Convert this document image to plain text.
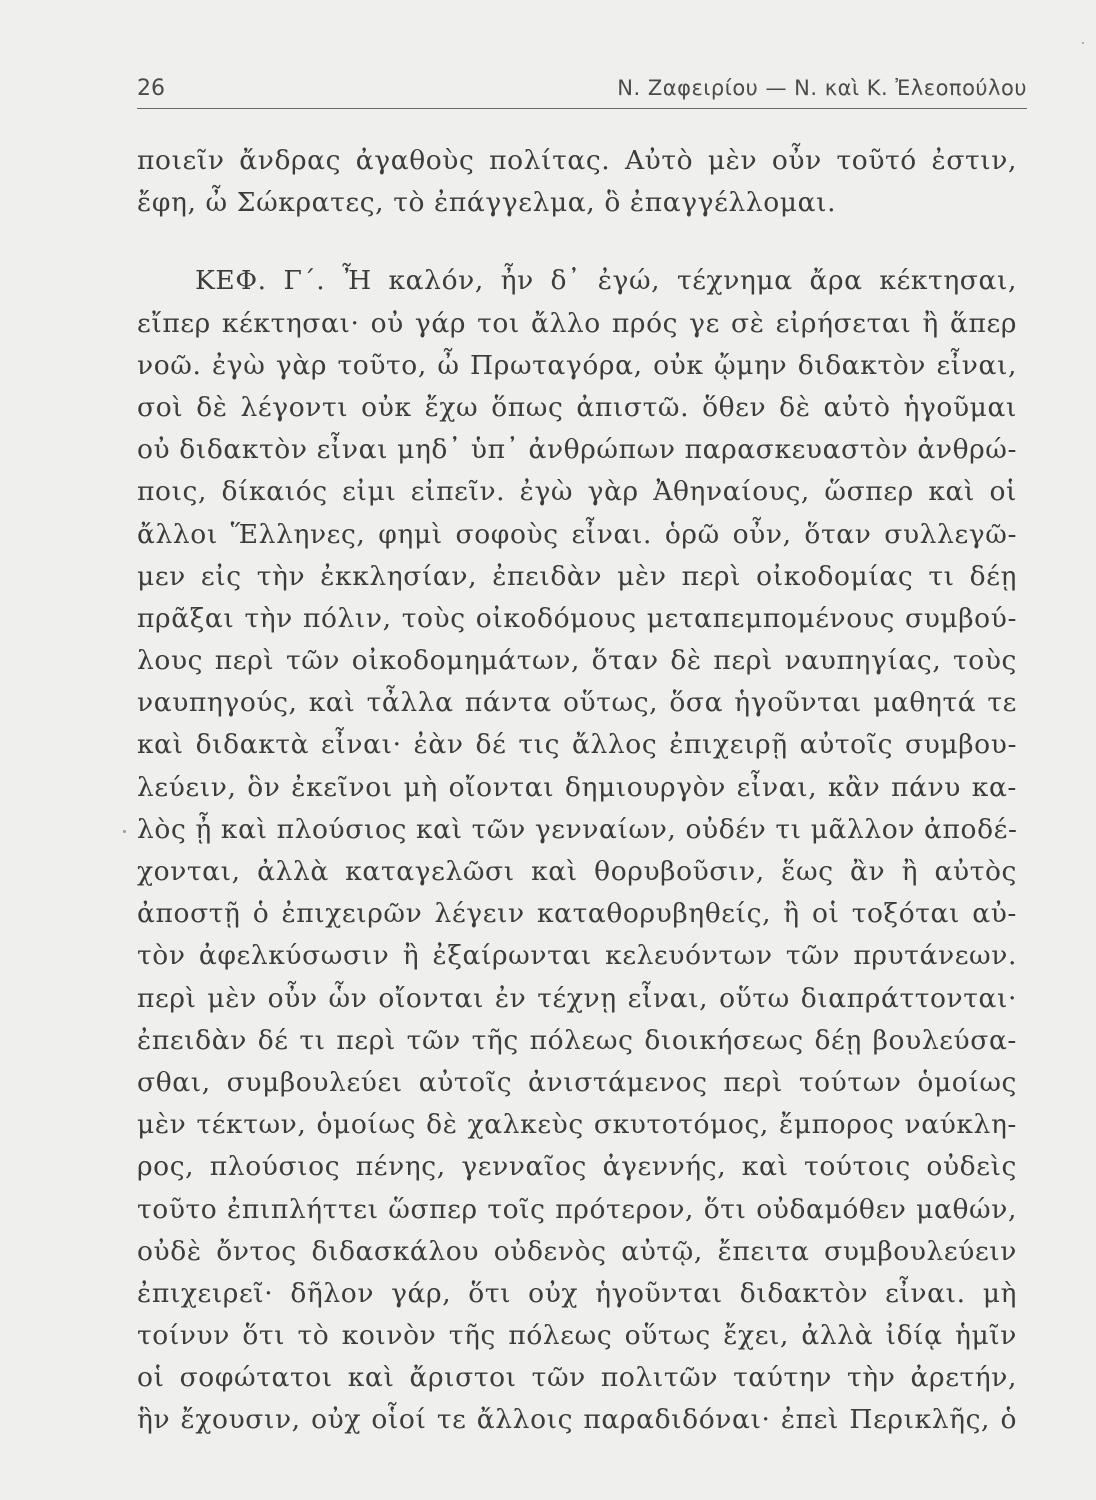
26	Ν. Ζαφειρίου — Ν. καὶ Κ. Ἐλεοπούλου
ποιεῖν ἄνδρας ἀγαθοὺς πολίτας. Αὐτὸ μὲν οὖν τοῦτό ἐστιν,
ἔφη, ὦ Σώκρατες, τὸ ἐπάγγελμα, ὃ ἐπαγγέλλομαι.
ΚΕΦ. Γ΄. Ἦ καλόν, ἦν δ᾽ ἐγώ, τέχνημα ἄρα κέκτησαι,
εἴπερ κέκτησαι· οὐ γάρ τοι ἄλλο πρός γε σὲ εἰρήσεται ἢ ἅπερ
νοῶ. ἐγὼ γὰρ τοῦτο, ὦ Πρωταγόρα, οὐκ ᾤμην διδακτὸν εἶναι,
σοὶ δὲ λέγοντι οὐκ ἔχω ὅπως ἀπιστῶ. ὅθεν δὲ αὐτὸ ἡγοῦμαι
οὐ διδακτὸν εἶναι μηδ᾽ ὑπ᾽ ἀνθρώπων παρασκευαστὸν ἀνθρώ-
ποις, δίκαιός εἰμι εἰπεῖν. ἐγὼ γὰρ Ἀθηναίους, ὥσπερ καὶ οἱ
ἄλλοι Ἕλληνες, φημὶ σοφοὺς εἶναι. ὁρῶ οὖν, ὅταν συλλεγῶ-
μεν εἰς τὴν ἐκκλησίαν, ἐπειδὰν μὲν περὶ οἰκοδομίας τι δέῃ
πρᾶξαι τὴν πόλιν, τοὺς οἰκοδόμους μεταπεμπομένους συμβού-
λους περὶ τῶν οἰκοδομημάτων, ὅταν δὲ περὶ ναυπηγίας, τοὺς
ναυπηγούς, καὶ τἆλλα πάντα οὕτως, ὅσα ἡγοῦνται μαθητά τε
καὶ διδακτὰ εἶναι· ἐὰν δέ τις ἄλλος ἐπιχειρῇ αὐτοῖς συμβου-
λεύειν, ὃν ἐκεῖνοι μὴ οἴονται δημιουργὸν εἶναι, κἂν πάνυ κα-
λὸς ᾖ καὶ πλούσιος καὶ τῶν γενναίων, οὐδέν τι μᾶλλον ἀποδέ-
χονται, ἀλλὰ καταγελῶσι καὶ θορυβοῦσιν, ἕως ἂν ἢ αὐτὸς
ἀποστῇ ὁ ἐπιχειρῶν λέγειν καταθορυβηθείς, ἢ οἱ τοξόται αὐ-
τὸν ἀφελκύσωσιν ἢ ἐξαίρωνται κελευόντων τῶν πρυτάνεων.
περὶ μὲν οὖν ὧν οἴονται ἐν τέχνῃ εἶναι, οὕτω διαπράττονται·
ἐπειδὰν δέ τι περὶ τῶν τῆς πόλεως διοικήσεως δέῃ βουλεύσα-
σθαι, συμβουλεύει αὐτοῖς ἀνιστάμενος περὶ τούτων ὁμοίως
μὲν τέκτων, ὁμοίως δὲ χαλκεὺς σκυτοτόμος, ἔμπορος ναύκλη-
ρος, πλούσιος πένης, γενναῖος ἀγεννής, καὶ τούτοις οὐδεὶς
τοῦτο ἐπιπλήττει ὥσπερ τοῖς πρότερον, ὅτι οὐδαμόθεν μαθών,
οὐδὲ ὄντος διδασκάλου οὐδενὸς αὐτῷ, ἔπειτα συμβουλεύειν
ἐπιχειρεῖ· δῆλον γάρ, ὅτι οὐχ ἡγοῦνται διδακτὸν εἶναι. μὴ
τοίνυν ὅτι τὸ κοινὸν τῆς πόλεως οὕτως ἔχει, ἀλλὰ ἰδίᾳ ἡμῖν
οἱ σοφώτατοι καὶ ἄριστοι τῶν πολιτῶν ταύτην τὴν ἀρετήν,
ἣν ἔχουσιν, οὐχ οἷοί τε ἄλλοις παραδιδόναι· ἐπεὶ Περικλῆς, ὁ
